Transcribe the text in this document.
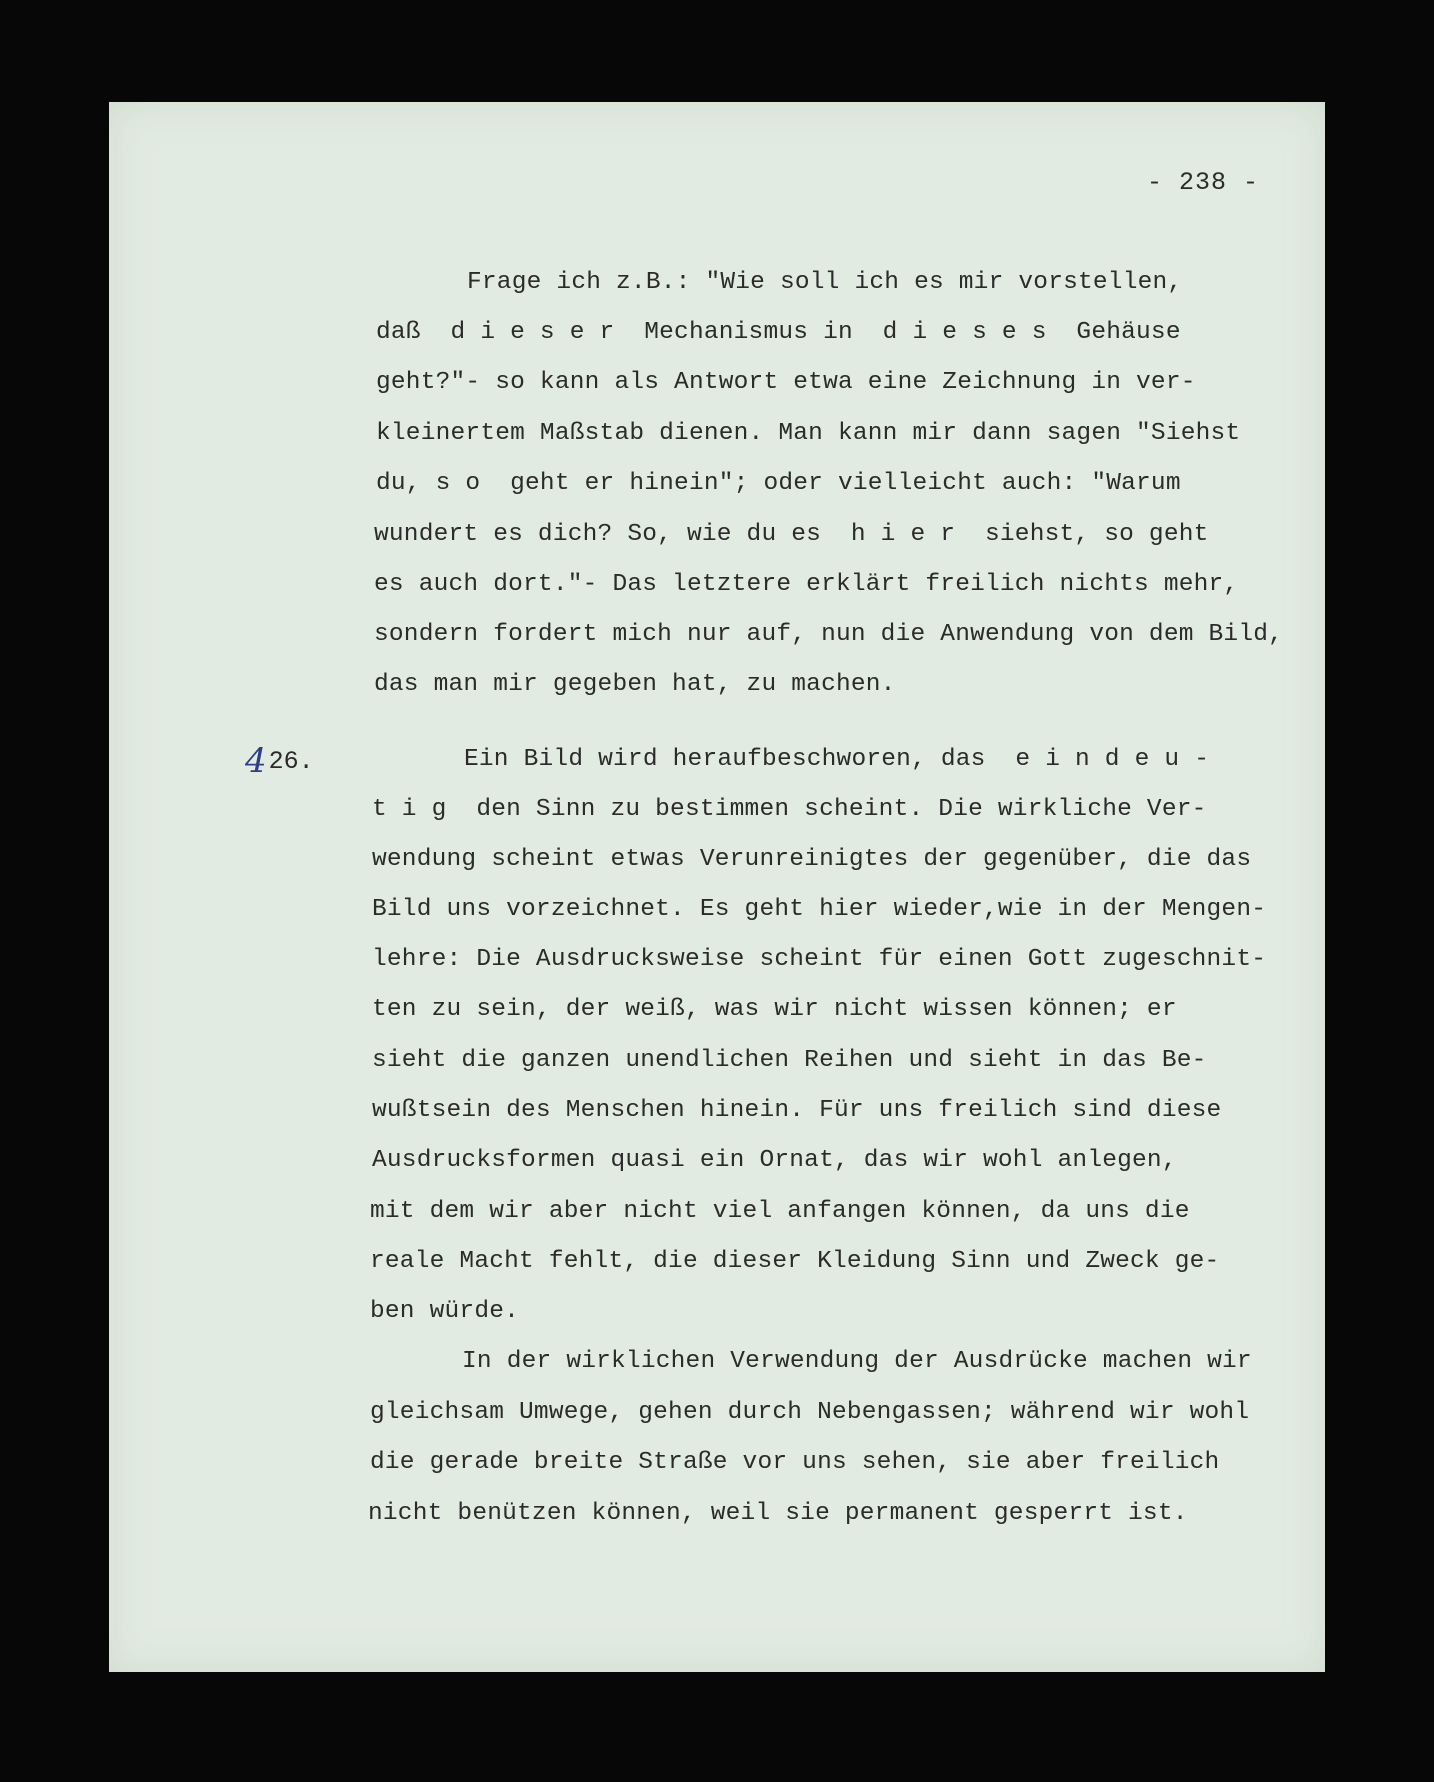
- 238 -
Frage ich z.B.: "Wie soll ich es mir vorstellen,
daß  d i e s e r  Mechanismus in  d i e s e s  Gehäuse
geht?"- so kann als Antwort etwa eine Zeichnung in ver-
kleinertem Maßstab dienen. Man kann mir dann sagen "Siehst
du, s o  geht er hinein"; oder vielleicht auch: "Warum
wundert es dich? So, wie du es  h i e r  siehst, so geht
es auch dort."- Das letztere erklärt freilich nichts mehr,
sondern fordert mich nur auf, nun die Anwendung von dem Bild,
das man mir gegeben hat, zu machen.
4 26.	Ein Bild wird heraufbeschworen, das  e i n d e u -
t i g  den Sinn zu bestimmen scheint. Die wirkliche Ver-
wendung scheint etwas Verunreinigtes der gegenüber, die das
Bild uns vorzeichnet. Es geht hier wieder,wie in der Mengen-
lehre: Die Ausdrucksweise scheint für einen Gott zugeschnit-
ten zu sein, der weiß, was wir nicht wissen können; er
sieht die ganzen unendlichen Reihen und sieht in das Be-
wußtsein des Menschen hinein. Für uns freilich sind diese
Ausdrucksformen quasi ein Ornat, das wir wohl anlegen,
mit dem wir aber nicht viel anfangen können, da uns die
reale Macht fehlt, die dieser Kleidung Sinn und Zweck ge-
ben würde.
In der wirklichen Verwendung der Ausdrücke machen wir
gleichsam Umwege, gehen durch Nebengassen; während wir wohl
die gerade breite Straße vor uns sehen, sie aber freilich
nicht benützen können, weil sie permanent gesperrt ist.
